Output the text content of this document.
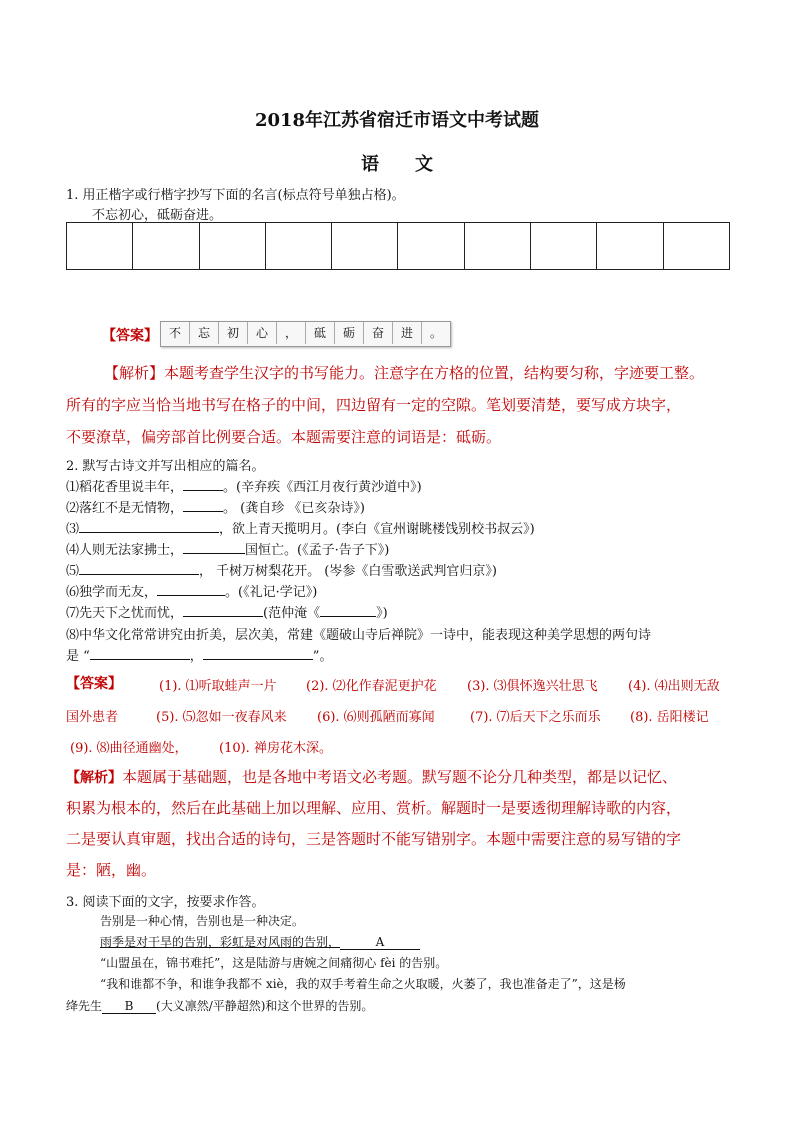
2018年江苏省宿迁市语文中考试题
语文
1. 用正楷字或行楷字抄写下面的名言(标点符号单独占格)。
不忘初心，砥砺奋进。
【答案】 不	忘	初	心	，	砥	砺	奋	进	。
【解析】本题考查学生汉字的书写能力。注意字在方格的位置，结构要匀称，字迹要工整。
所有的字应当恰当地书写在格子的中间，四边留有一定的空隙。笔划要清楚，要写成方块字，
不要潦草，偏旁部首比例要合适。本题需要注意的词语是：砥砺。
2. 默写古诗文并写出相应的篇名。
⑴稻花香里说丰年，	。(辛弃疾《西江月夜行黄沙道中》)
⑵落红不是无情物，	。 (龚自珍 《已亥杂诗》)
⑶	，欲上青天揽明月。(李白《宣州谢眺楼饯别校书叔云》)
⑷人则无法家拂士，	国恒亡。(《孟子·告子下》)
⑸	， 千树万树梨花开。 (岑参《白雪歌送武判官归京》)
⑹独学而无友，	。(《礼记·学记》)
⑺先天下之忧而忧，	(范仲淹《	》)
⑻中华文化常常讲究由折美，层次美，常建《题破山寺后禅院》一诗中，能表现这种美学思想的两句诗
是 “	，	”。
【答案】	(1). ⑴听取蛙声一片 (2). ⑵化作春泥更护花 (3). ⑶俱怀逸兴壮思飞 (4). ⑷出则无敌
国外患者	(5). ⑸忽如一夜春风来 (6). ⑹则孤陋而寡闻	(7). ⑺后天下之乐而乐 (8). 岳阳楼记
(9). ⑻曲径通幽处， (10). 禅房花木深。
【解析】本题属于基础题，也是各地中考语文必考题。默写题不论分几种类型，都是以记忆、
积累为根本的，然后在此基础上加以理解、应用、赏析。解题时一是要透彻理解诗歌的内容，
二是要认真审题，找出合适的诗句，三是答题时不能写错别字。本题中需要注意的易写错的字
是：陋，幽。
3. 阅读下面的文字，按要求作答。
告别是一种心情，告别也是一种决定。
雨季是对干旱的告别，彩虹是对风雨的告别，	A
“山盟虽在，锦书难托”，这是陆游与唐婉之间痛彻心 fèi 的告别。
“我和谁都不争，和谁争我都不 xiè，我的双手考着生命之火取暖，火萎了，我也准备走了”，这是杨
绛先生 B (大义凛然/平静超然)和这个世界的告别。
